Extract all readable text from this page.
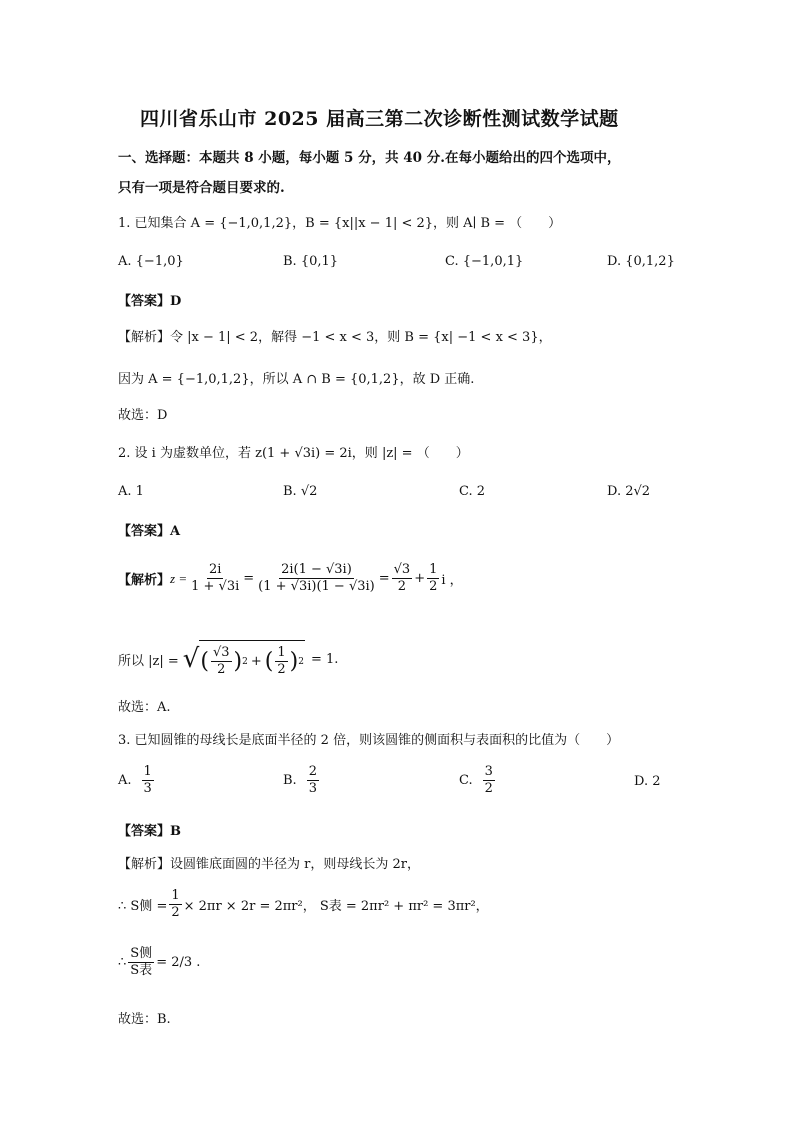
四川省乐山市 2025 届高三第二次诊断性测试数学试题
一、选择题：本题共 8 小题，每小题 5 分，共 40 分.在每小题给出的四个选项中，
只有一项是符合题目要求的.
1. 已知集合 A = {−1,0,1,2}，B = {x||x − 1| < 2}，则 A∣ B = （　　）
A. {−1,0}	B. {0,1}	C. {−1,0,1}	D. {0,1,2}
【答案】D
【解析】令 |x − 1| < 2，解得 −1 < x < 3，则 B = {x| −1 < x < 3}，
因为 A = {−1,0,1,2}，所以 A ∩ B = {0,1,2}，故 D 正确.
故选：D
2. 设 i 为虚数单位，若 z(1 + √3i) = 2i，则 |z| = （　　）
A. 1	B. √2	C. 2	D. 2√2
【答案】A
【解析】 $z = \frac{2i}{1 + √3i} = \frac{2i(1 - √3i)}{(1 + √3i)(1 - √3i)} = \frac{√3}{2} + \frac{1}{2}$ i ，
所以 |z| = √ ( $\frac{√3}{2}$ ) 2 + ( $\frac{1}{2}$ ) 2 = 1.
故选：A.
3. 已知圆锥的母线长是底面半径的 2 倍，则该圆锥的侧面积与表面积的比值为（　　）
A. $\frac{1}{3}$	B. $\frac{2}{3}$	C. $\frac{3}{2}$	D. 2
【答案】B
【解析】设圆锥底面圆的半径为 r，则母线长为 2r，
∴ S侧 = $\frac{1}{2} \times 2\pi r \times 2r = 2\pi r^2$， S表 = 2πr² + πr² = 3πr²，
∴ $\frac{\text{S侧}}{\text{S表}} = 2/3$ .
故选：B.
